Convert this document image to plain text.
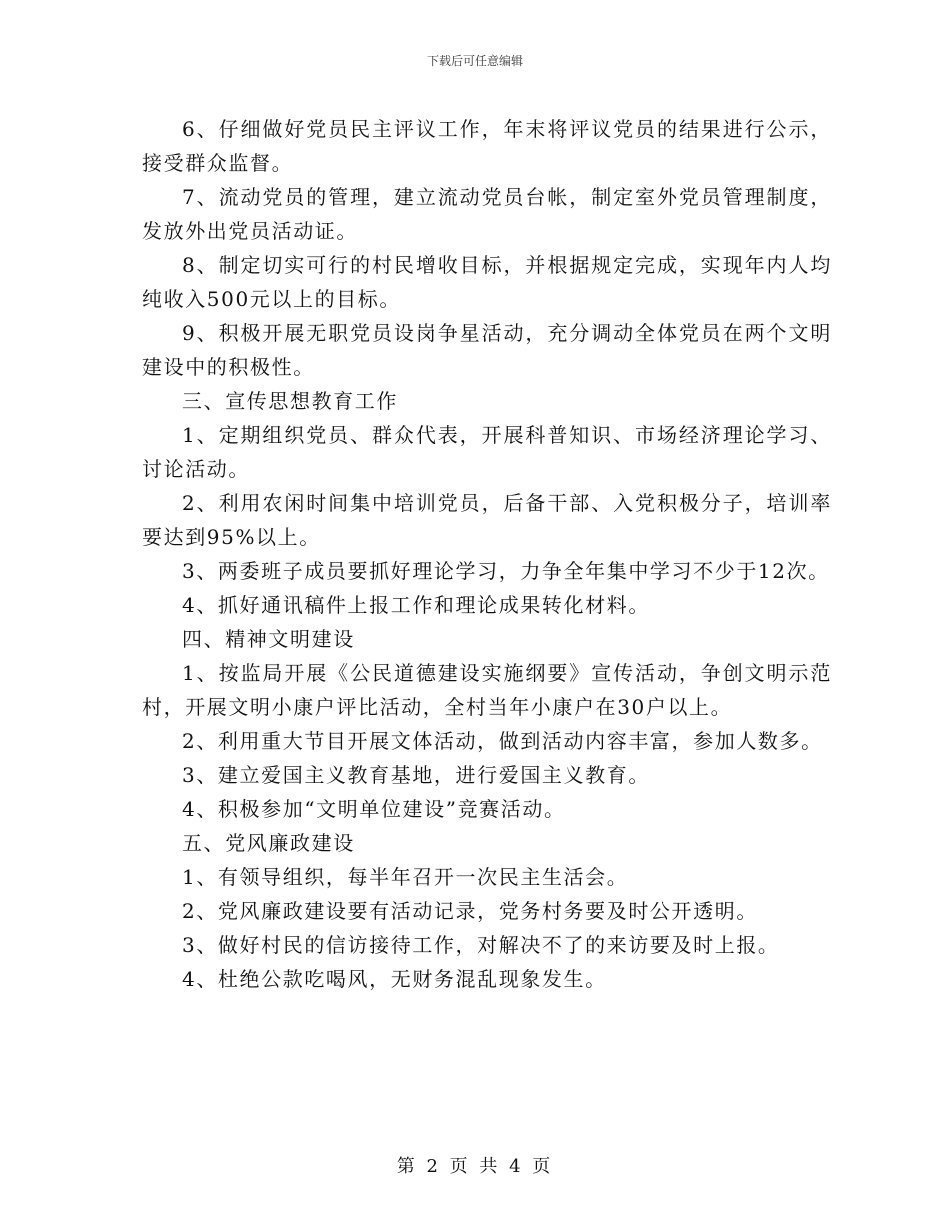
下载后可任意编辑

6、仔细做好党员民主评议工作，年末将评议党员的结果进行公示，接受群众监督。

7、流动党员的管理，建立流动党员台帐，制定室外党员管理制度，发放外出党员活动证。

8、制定切实可行的村民增收目标，并根据规定完成，实现年内人均纯收入500元以上的目标。

9、积极开展无职党员设岗争星活动，充分调动全体党员在两个文明建设中的积极性。

三、宣传思想教育工作

1、定期组织党员、群众代表，开展科普知识、市场经济理论学习、讨论活动。

2、利用农闲时间集中培训党员，后备干部、入党积极分子，培训率要达到95%以上。

3、两委班子成员要抓好理论学习，力争全年集中学习不少于12次。

4、抓好通讯稿件上报工作和理论成果转化材料。

四、精神文明建设

1、按监局开展《公民道德建设实施纲要》宣传活动，争创文明示范村，开展文明小康户评比活动，全村当年小康户在30户以上。

2、利用重大节目开展文体活动，做到活动内容丰富，参加人数多。

3、建立爱国主义教育基地，进行爱国主义教育。

4、积极参加“文明单位建设”竞赛活动。

五、党风廉政建设

1、有领导组织，每半年召开一次民主生活会。

2、党风廉政建设要有活动记录，党务村务要及时公开透明。

3、做好村民的信访接待工作，对解决不了的来访要及时上报。

4、杜绝公款吃喝风，无财务混乱现象发生。

第 2 页 共 4 页
